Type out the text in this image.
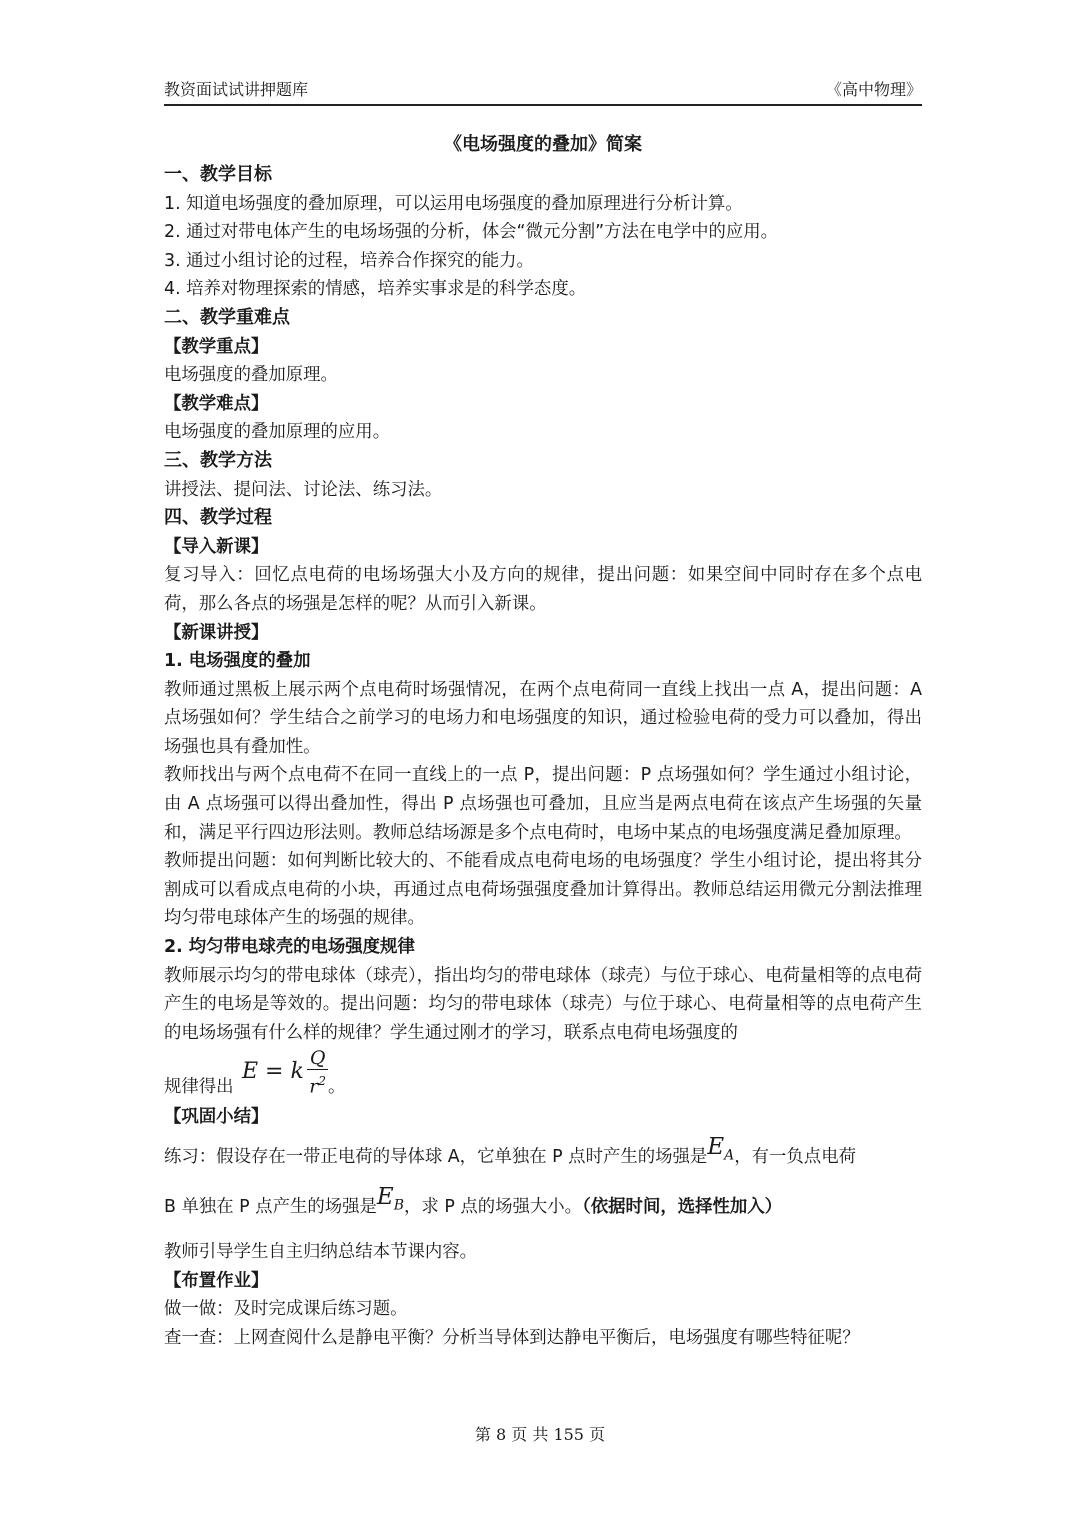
教资面试试讲押题库	《高中物理》

《电场强度的叠加》简案

一、教学目标

1. 知道电场强度的叠加原理，可以运用电场强度的叠加原理进行分析计算。

2. 通过对带电体产生的电场场强的分析，体会“微元分割”方法在电学中的应用。

3. 通过小组讨论的过程，培养合作探究的能力。

4. 培养对物理探索的情感，培养实事求是的科学态度。

二、教学重难点

【教学重点】

电场强度的叠加原理。

【教学难点】

电场强度的叠加原理的应用。

三、教学方法

讲授法、提问法、讨论法、练习法。

四、教学过程

【导入新课】

复习导入：回忆点电荷的电场场强大小及方向的规律，提出问题：如果空间中同时存在多个点电荷，那么各点的场强是怎样的呢？从而引入新课。

【新课讲授】

1. 电场强度的叠加

教师通过黑板上展示两个点电荷时场强情况，在两个点电荷同一直线上找出一点 A，提出问题：A 点场强如何？学生结合之前学习的电场力和电场强度的知识，通过检验电荷的受力可以叠加，得出场强也具有叠加性。

教师找出与两个点电荷不在同一直线上的一点 P，提出问题：P 点场强如何？学生通过小组讨论，由 A 点场强可以得出叠加性，得出 P 点场强也可叠加，且应当是两点电荷在该点产生场强的矢量和，满足平行四边形法则。教师总结场源是多个点电荷时，电场中某点的电场强度满足叠加原理。

教师提出问题：如何判断比较大的、不能看成点电荷电场的电场强度？学生小组讨论，提出将其分割成可以看成点电荷的小块，再通过点电荷场强强度叠加计算得出。教师总结运用微元分割法推理均匀带电球体产生的场强的规律。

2. 均匀带电球壳的电场强度规律

教师展示均匀的带电球体（球壳），指出均匀的带电球体（球壳）与位于球心、电荷量相等的点电荷产生的电场是等效的。提出问题：均匀的带电球体（球壳）与位于球心、电荷量相等的点电荷产生的电场场强有什么样的规律？学生通过刚才的学习，联系点电荷电场强度的

规律得出
E = k $\frac{Q}{r^2}$ 。

【巩固小结】

练习：假设存在一带正电荷的导体球 A，它单独在 P 点时产生的场强是$E_A$，有一负点电荷
B 单独在 P 点产生的场强是$E_B$，求 P 点的场强大小。（依据时间，选择性加入）

教师引导学生自主归纳总结本节课内容。

【布置作业】

做一做：及时完成课后练习题。

查一查：上网查阅什么是静电平衡？分析当导体到达静电平衡后，电场强度有哪些特征呢？

第 8 页 共 155 页
